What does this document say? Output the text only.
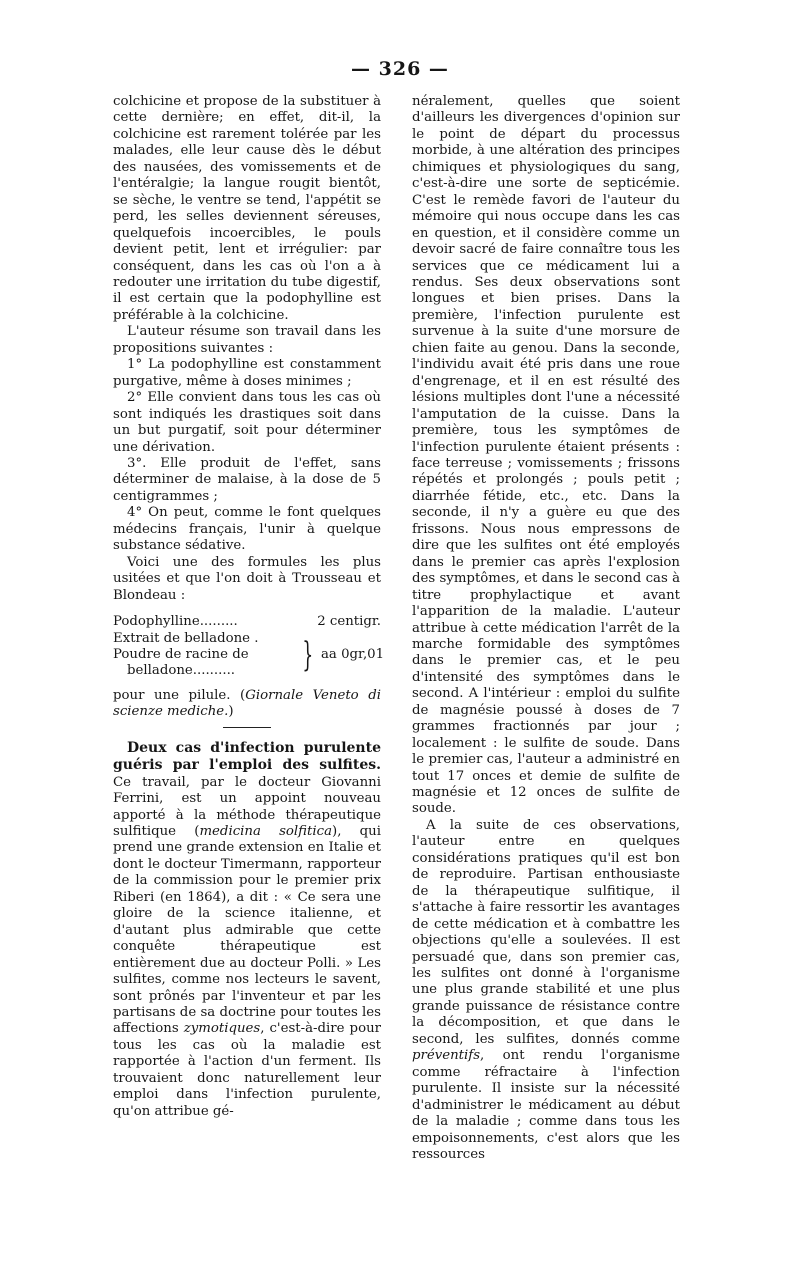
— 326 —

colchicine et propose de la substituer à cette dernière; en effet, dit-il, la colchicine est rarement tolérée par les malades, elle leur cause dès le début des nausées, des vomissements et de l'entéralgie; la langue rougit bientôt, se sèche, le ventre se tend, l'appétit se perd, les selles deviennent séreuses, quelquefois incoercibles, le pouls devient petit, lent et irrégulier: par conséquent, dans les cas où l'on a à redouter une irritation du tube digestif, il est certain que la podophylline est préférable à la colchicine.

L'auteur résume son travail dans les propositions suivantes :

1° La podophylline est constamment purgative, même à doses minimes ;

2° Elle convient dans tous les cas où sont indiqués les drastiques soit dans un but purgatif, soit pour déterminer une dérivation.

3°. Elle produit de l'effet, sans déterminer de malaise, à la dose de 5 centigrammes ;

4° On peut, comme le font quelques médecins français, l'unir à quelque substance sédative.

Voici une des formules les plus usitées et que l'on doit à Trousseau et Blondeau :

Podophylline.........	2 centigr.
Extrait de belladone .
Poudre de racine de
belladone..........	} aa 0gr,01

pour une pilule. (Giornale Veneto di scienze mediche.)

Deux cas d'infection purulente guéris par l'emploi des sulfites. Ce travail, par le docteur Giovanni Ferrini, est un appoint nouveau apporté à la méthode thérapeutique sulfitique (medicina solfitica), qui prend une grande extension en Italie et dont le docteur Timermann, rapporteur de la commission pour le premier prix Riberi (en 1864), a dit : « Ce sera une gloire de la science italienne, et d'autant plus admirable que cette conquête thérapeutique est entièrement due au docteur Polli. » Les sulfites, comme nos lecteurs le savent, sont prônés par l'inventeur et par les partisans de sa doctrine pour toutes les affections zymotiques, c'est-à-dire pour tous les cas où la maladie est rapportée à l'action d'un ferment. Ils trouvaient donc naturellement leur emploi dans l'infection purulente, qu'on attribue gé-

néralement, quelles que soient d'ailleurs les divergences d'opinion sur le point de départ du processus morbide, à une altération des principes chimiques et physiologiques du sang, c'est-à-dire une sorte de septicémie. C'est le remède favori de l'auteur du mémoire qui nous occupe dans les cas en question, et il considère comme un devoir sacré de faire connaître tous les services que ce médicament lui a rendus. Ses deux observations sont longues et bien prises. Dans la première, l'infection purulente est survenue à la suite d'une morsure de chien faite au genou. Dans la seconde, l'individu avait été pris dans une roue d'engrenage, et il en est résulté des lésions multiples dont l'une a nécessité l'amputation de la cuisse. Dans la première, tous les symptômes de l'infection purulente étaient présents : face terreuse ; vomissements ; frissons répétés et prolongés ; pouls petit ; diarrhée fétide, etc., etc. Dans la seconde, il n'y a guère eu que des frissons. Nous nous empressons de dire que les sulfites ont été employés dans le premier cas après l'explosion des symptômes, et dans le second cas à titre prophylactique et avant l'apparition de la maladie. L'auteur attribue à cette médication l'arrêt de la marche formidable des symptômes dans le premier cas, et le peu d'intensité des symptômes dans le second. A l'intérieur : emploi du sulfite de magnésie poussé à doses de 7 grammes fractionnés par jour ; localement : le sulfite de soude. Dans le premier cas, l'auteur a administré en tout 17 onces et demie de sulfite de magnésie et 12 onces de sulfite de soude.

A la suite de ces observations, l'auteur entre en quelques considérations pratiques qu'il est bon de reproduire. Partisan enthousiaste de la thérapeutique sulfitique, il s'attache à faire ressortir les avantages de cette médication et à combattre les objections qu'elle a soulevées. Il est persuadé que, dans son premier cas, les sulfites ont donné à l'organisme une plus grande stabilité et une plus grande puissance de résistance contre la décomposition, et que dans le second, les sulfites, donnés comme préventifs, ont rendu l'organisme comme réfractaire à l'infection purulente. Il insiste sur la nécessité d'administrer le médicament au début de la maladie ; comme dans tous les empoisonnements, c'est alors que les ressources
